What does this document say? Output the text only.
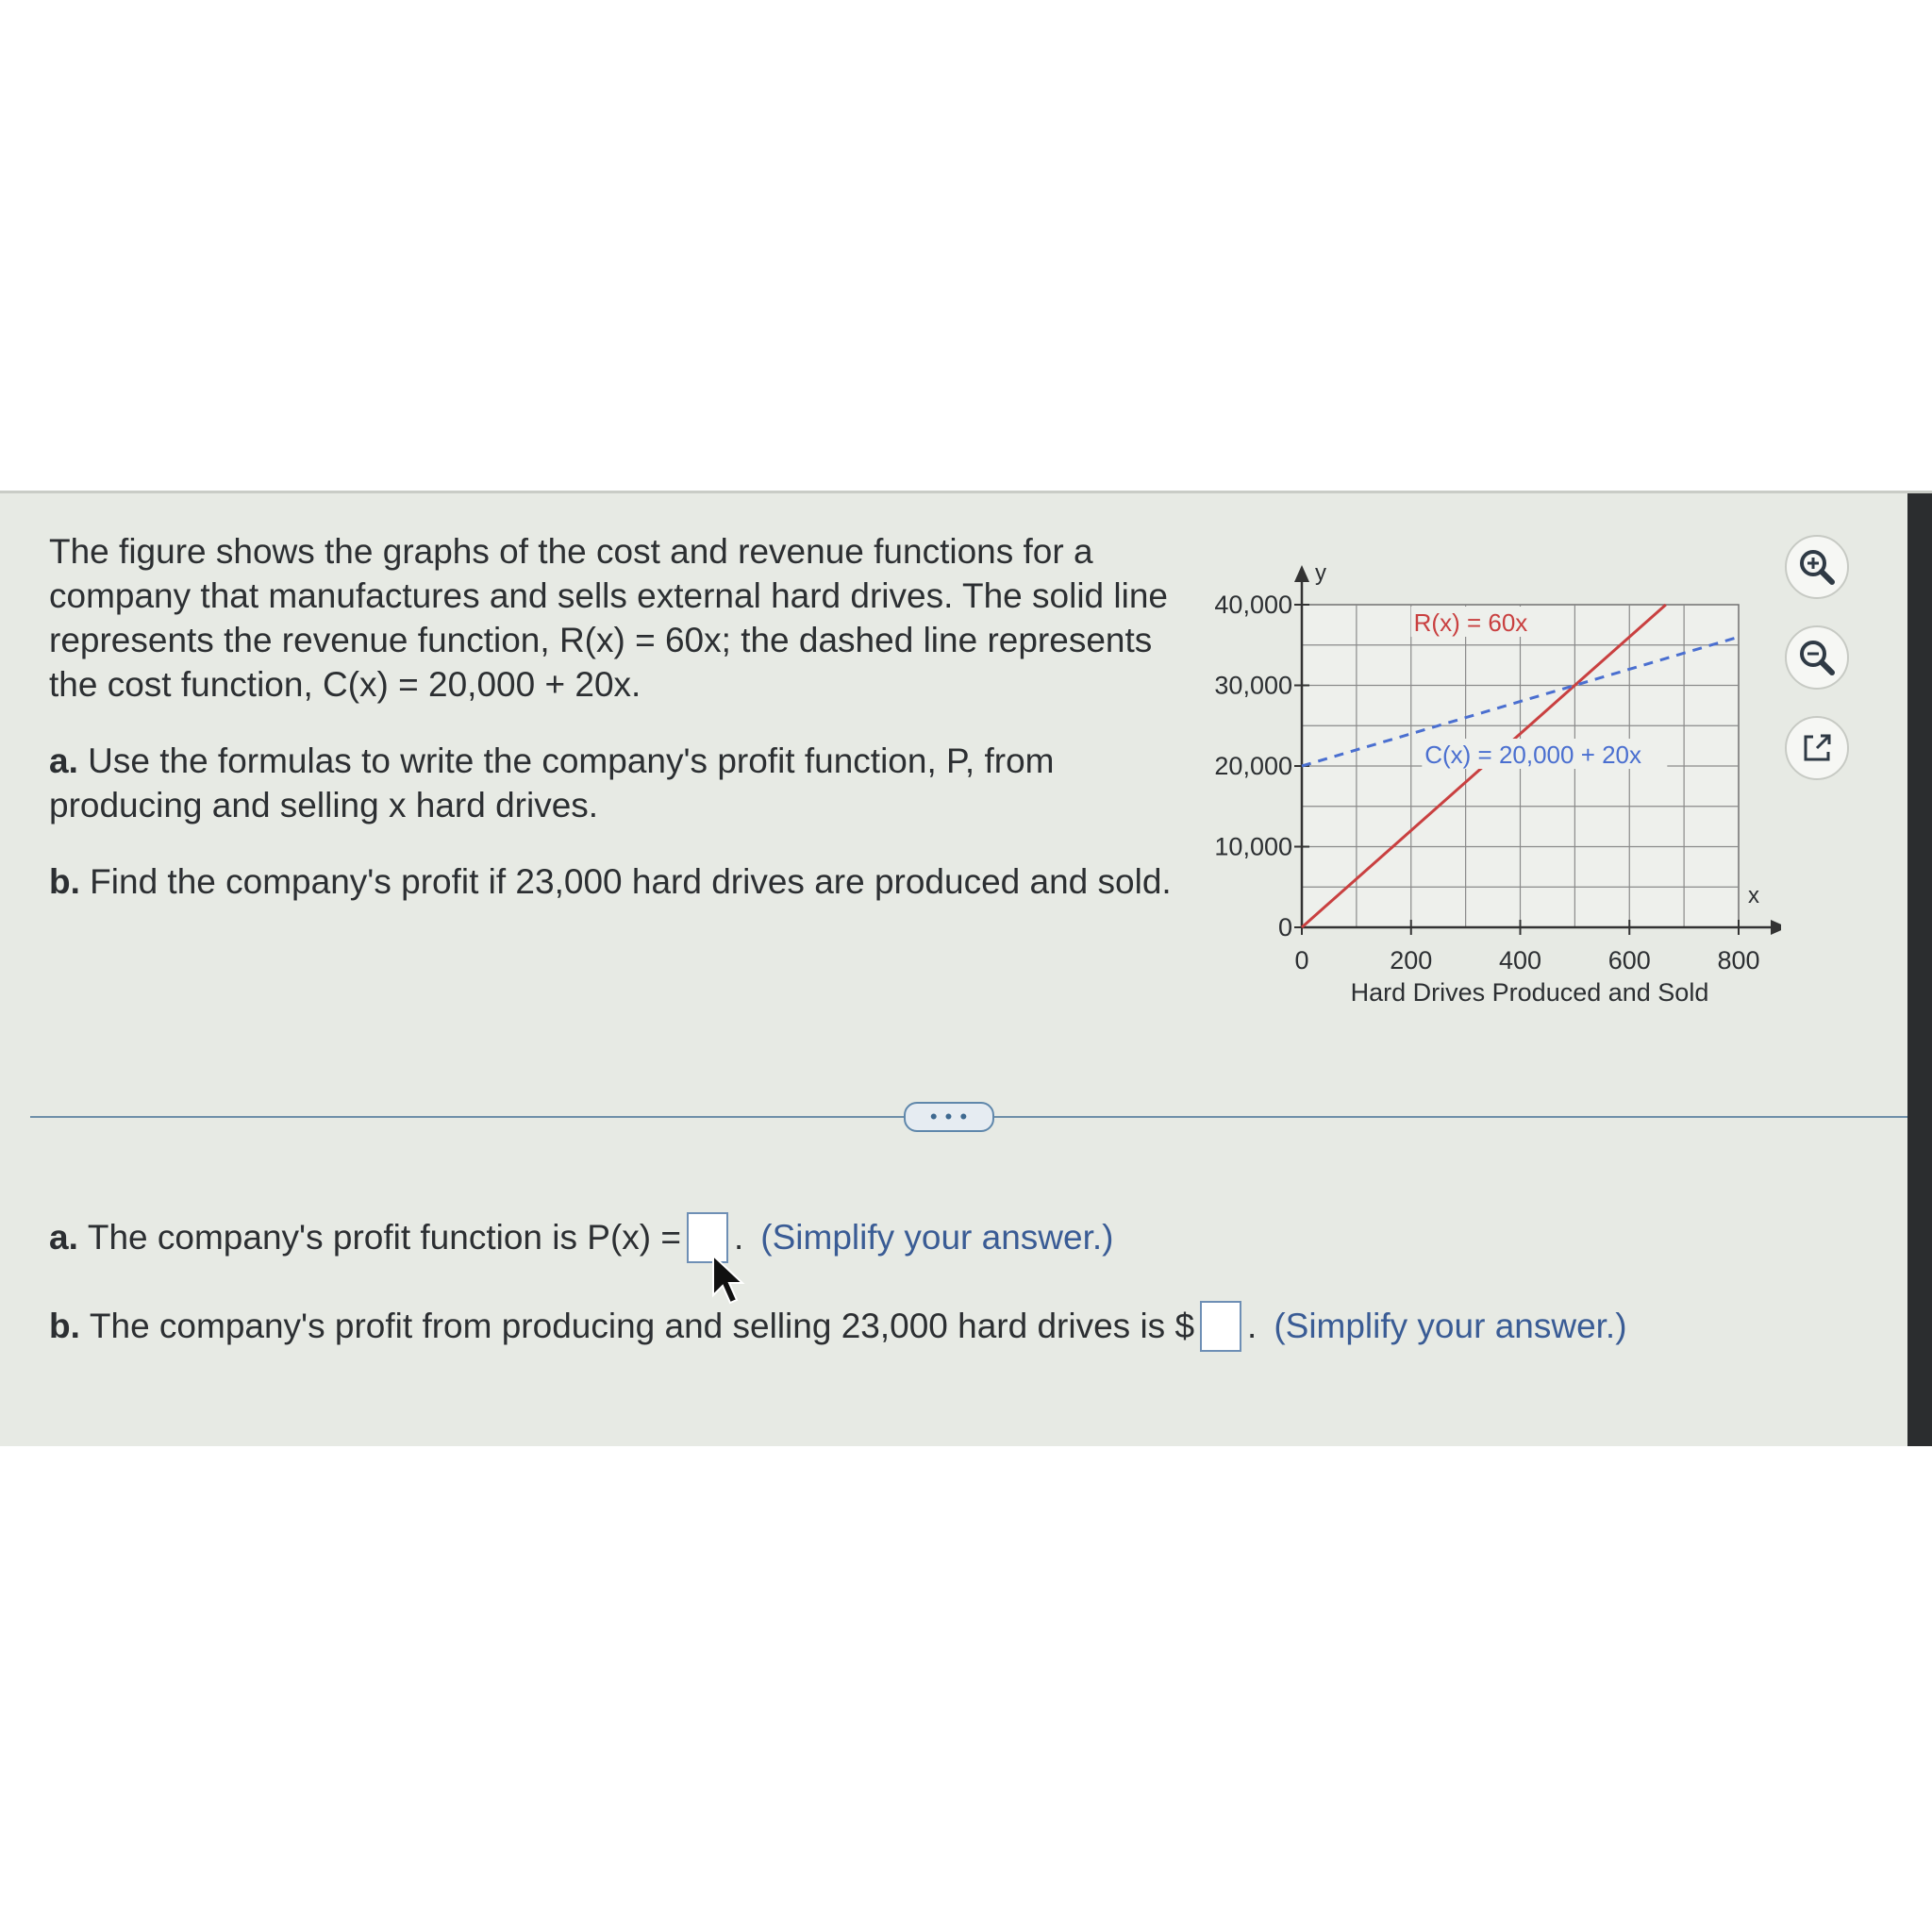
The figure shows the graphs of the cost and revenue functions for a company that manufactures and sells external hard drives. The solid line represents the revenue function, R(x) = 60x; the dashed line represents the cost function, C(x) = 20,000 + 20x.

a. Use the formulas to write the company's profit function, P, from producing and selling x hard drives.

b. Find the company's profit if 23,000 hard drives are produced and sold.

y
x
0
10,000
20,000
30,000
40,000
0	200	400	600	800
Hard Drives Produced and Sold
R(x) = 60x
C(x) = 20,000 + 20x
• • •
a. The company's profit function is P(x) = . (Simplify your answer.)
b. The company's profit from producing and selling 23,000 hard drives is $ . (Simplify your answer.)
